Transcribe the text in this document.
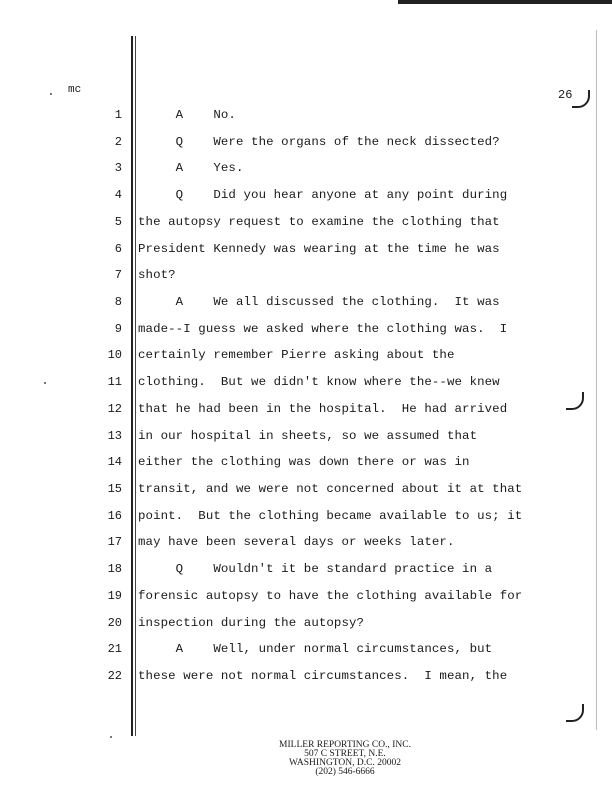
mc	26
1 A    No.
2 Q    Were the organs of the neck dissected?
3 A    Yes.
4 Q    Did you hear anyone at any point during
5 the autopsy request to examine the clothing that
6 President Kennedy was wearing at the time he was
7 shot?
8 A    We all discussed the clothing.  It was
9 made--I guess we asked where the clothing was.  I
10 certainly remember Pierre asking about the
11 clothing.  But we didn't know where the--we knew
12 that he had been in the hospital.  He had arrived
13 in our hospital in sheets, so we assumed that
14 either the clothing was down there or was in
15 transit, and we were not concerned about it at that
16 point.  But the clothing became available to us; it
17 may have been several days or weeks later.
18 Q    Wouldn't it be standard practice in a
19 forensic autopsy to have the clothing available for
20 inspection during the autopsy?
21 A    Well, under normal circumstances, but
22 these were not normal circumstances.  I mean, the
MILLER REPORTING CO., INC.
507 C STREET, N.E.
WASHINGTON, D.C. 20002
(202) 546-6666
